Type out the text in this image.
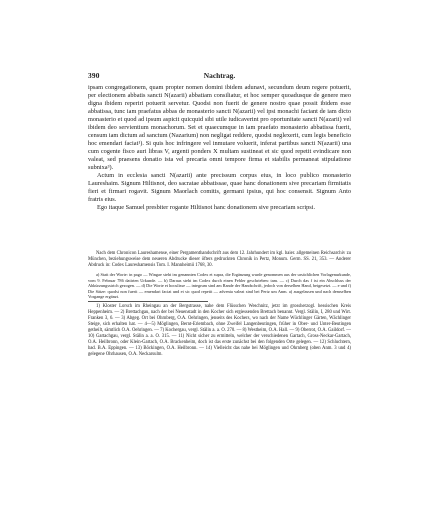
390	Nachtrag.

ipsam congregationem, quam propter nomen domini ibidem adunavi, secundum deum regere potuerit, per electionem abbatis sancti N(azarii) abbatiam consiliatur, et hoc semper quoadusque de genere meo digna ibidem reperiri potuerit servetur. Quodsi non fuerit de genere nostro quae possit ibidem esse abbatissa, tunc iam praefatus abbas de monasterio sancti N(azarii) vel ipsi monachi faciant de iam dicto monasterio et quod ad ipsum aspicit quicquid sibi utile iudicaverint pro oportunitate sancti N(azarii) vel ibidem deo servientium monachorum. Set et quaecumque in iam praefato monasterio abbatissa fuerit, censum iam dictum ad sanctum (Nazarium) non negligat reddere, quodsi neglexerit, cum legis beneficio hoc emendari faciat¹). Si quis hoc infringere vel inmutare voluerit, inferat partibus sancti N(azarii) una cum cogente fisco auri libras V, argenti ponders X multam sustineat et sic quod repetit evindicare non valeat, sed praesens donatio ista vel precaria omni tempore firma et stabilis permaneat stipulatione subnixa³).

Actum in ecclesia sancti N(azarii) ante precissum corpus eius, in loco publico monasterio Laureshaim. Signum Hiltisnot, deo sacratae abbatissae, quae hanc donationem sive precariam firmitatis fieri et firmari rogavit. Signum Maorlach comitis, germani ipsius, qui hoc consensit. Signum Anto fratris eius.

Ego itaque Samuel presbiter rogante Hiltisnot hanc donationem sive precariam scripsi.

Nach dem Chronicon Laureshamense, einer Pergamenthandschrift aus dem 12. Jahrhundert im kgl. baier. allgemeinen Reichsarchiv zu München, beziehungsweise dem neueren Abdrucke dieser öfters gedruckten Chronik in Pertz, Monum. Germ. SS. 21, 353. — Anderer Abdruck in: Codex Laureshamensis Tom. I. Mannheimii 1768, 30.
a) Statt der Worte: in pago — Wingae steht im genannten Codex et supra, die Ergänzung wurde genommen aus der ursächlichen Vorlagenurkunde, vom 9. Februar 786 datirten Urkunde. — b) Daraus steht im Codex durch einen Fehler geschrieben: tam. — c) Durch das f ist ein Abschluss der Abkürzungsstrich gezogen. — d) Die Worte et hoculisse — integrum sind am Rande der Handschrift, jedoch von derselben Hand, beigesetzt. — e und f) Die Sätze: quodsi non fuerit — emendari faciat und et sic quod repetit — advenia valeat sind bei Pertz um Anm. a) ausgelassen und nach demselben Vorgange ergänzt.
1) Kloster Lorsch im Rheingau an der Bergstrasse, nahe dem Flüsschen Weschnitz, jetzt im grossherzogl. hessischen Kreis Heppenheim. — 2) Brettachgau, nach der bei Neuenstadt in den Kocher sich ergiessenden Brettach benannt. Vergl. Stälin, I, 280 und Wirt. Franken 3, 6. — 3) Abgeg. Ort bei Ohrnberg, O.A. Oehringen, jenseits des Kochers, wo nach der Name Wüchlinger Gärten, Wächlinger Steige, sich erhalten hat. — 4—5) Möglingen, Bernt-Eriembach, ohne Zweifel Langenbeutingen, früher in Ober- und Unter-Beutingen getheilt, sämtlich O.A. Oehringen. — 7) Kochergau, vergl. Stälin a. a. O. 270. — 8) Westheim, O.A. Hall. — 9) Oberrot, O.A. Gaildorf. — 10) Gartachgau, vergl. Stälin a. a. O. 315. — 11) Nicht sicher zu ermitteln, welcher der verschiedenen Gartach, Gross-Neckar-Gartach, O.A. Heilbronn, oder Klein-Gartach, O.A. Brackenheim, doch ist das erste zunächst bei den folgenden Orte gelegen. — 12) Schluchtern, bad. B.A. Eppingen. — 13) Böckingen, O.A. Heilbronn. — 14) Vielleicht das nahe bei Möglingen und Ohrnberg (oben Anm. 3 und 4) gelegene Ohrhausen, O.A. Neckarsulm.
